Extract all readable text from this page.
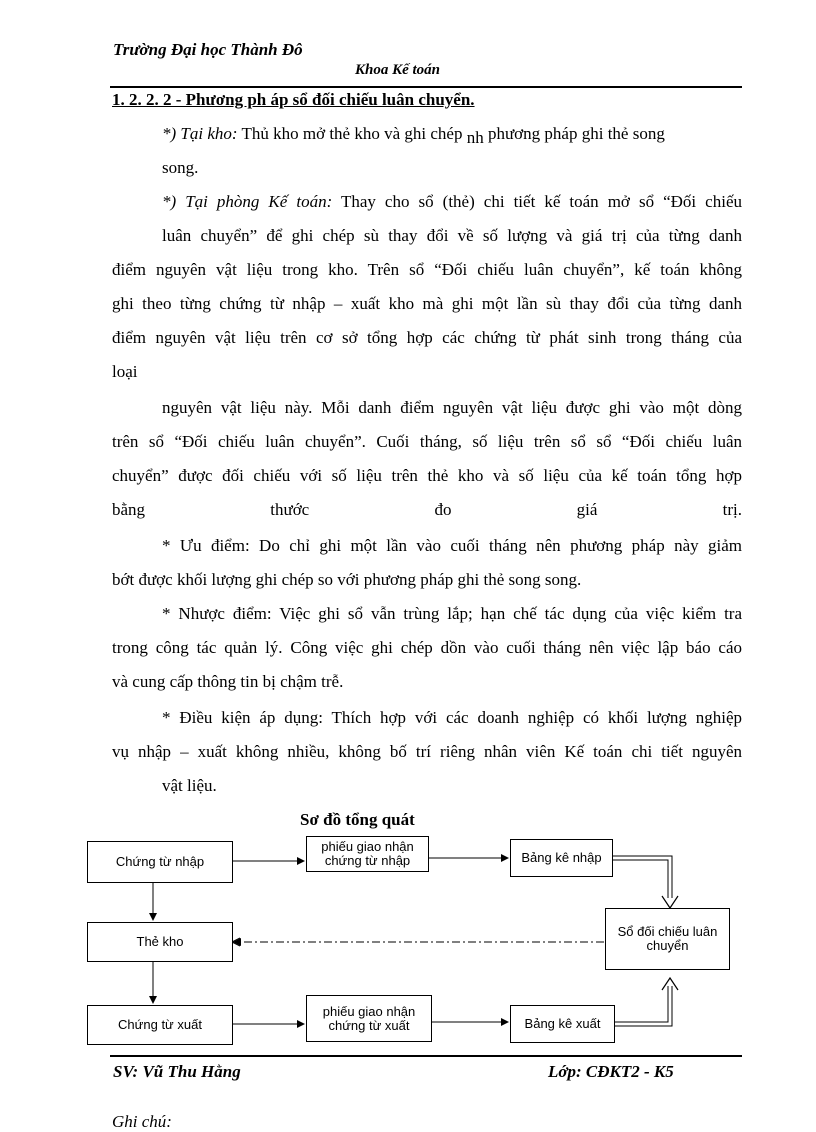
Trường Đại học Thành Đô
Khoa Kế toán
1. 2. 2. 2 - Phương ph áp sổ đối chiếu luân chuyển.
*) Tại kho: Thủ kho mở thẻ kho và ghi chép nh phương pháp ghi thẻ song
song.
*) Tại phòng Kế toán: Thay cho sổ (thẻ) chi tiết kế toán mở sổ “Đối chiếu
luân chuyển” để ghi chép sù thay đổi về số lượng và giá trị của từng danh
điểm nguyên vật liệu trong kho. Trên sổ “Đối chiếu luân chuyển”, kế toán không
ghi theo từng chứng từ nhập – xuất kho mà ghi một lần sù thay đổi của từng danh
điểm nguyên vật liệu trên cơ sở tổng hợp các chứng từ phát sinh trong tháng của
loại
nguyên vật liệu này. Mỗi danh điểm nguyên vật liệu được ghi vào một dòng
trên sổ “Đối chiếu luân chuyển”. Cuối tháng, số liệu trên sổ sổ “Đối chiếu luân
chuyển” được đối chiếu với số liệu trên thẻ kho và số liệu của kế toán tổng hợp
bằng thước đo giá trị.
* Ưu điểm: Do chỉ ghi một lần vào cuối tháng nên phương pháp này giảm
bớt được khối lượng ghi chép so với phương pháp ghi thẻ song song.
* Nhược điểm: Việc ghi sổ vẫn trùng lắp; hạn chế tác dụng của việc kiểm tra
trong công tác quản lý. Công việc ghi chép dồn vào cuối tháng nên việc lập báo cáo
và cung cấp thông tin bị chậm trễ.
* Điều kiện áp dụng: Thích hợp với các doanh nghiệp có khối lượng nghiệp
vụ nhập – xuất không nhiều, không bố trí riêng nhân viên Kế toán chi tiết nguyên
vật liệu.
Sơ đồ tổng quát
Chứng từ nhập
phiếu giao nhận chứng từ nhập	Bảng kê nhập
Thẻ kho
Sổ đối chiếu luân chuyển
Chứng từ xuất
phiếu giao nhận chứng từ xuất	Bảng kê xuất
SV: Vũ Thu Hằng	Lớp: CĐKT2 - K5
Ghi chú:
